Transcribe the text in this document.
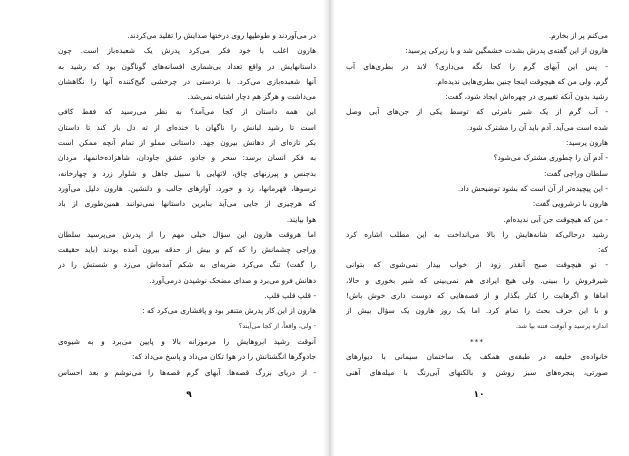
در می‌آوردند و طوطیها روی درختها صدایش را تقلید می‌کردند.
هارون اغلب با خود فکر می‌کرد پدرش یک شعبده‌باز است. چون
داستانهایش در واقع تعداد بی‌شماری افسانه‌های گوناگون بود که رشید به
آنها شعبده‌بازی می‌کرد. با تردستی در چرخشی گیج‌کننده آنها را نگاهشان
می‌داشت و هرگز هم دچار اشتباه نمی‌شد.
این همه داستان از کجا می‌آمد؟ به نظر می‌رسید که فقط کافی
است تا رشید لبانش را ناگهان با خنده‌ای از ته دل باز کند تا داستان
بکر تازه‌ای از دهانش بیرون جهد. داستانی مملو از تمام آنچه ممکن است
به فکر انسان برسد: سحر و جادو، عشق جاودان، شاهزاده‌خانمها، مردان
بدجنس و پیرزنهای چاق، لاتهایی با سبیل جاهل و شلوار زرد و چهارخانه،
ترسوها، قهرمانها، زد و خورد، آوازهای جالب و دلنشین. هارون دلیل می‌آورد
که هرچیزی از جایی می‌آید بنابرین داستانها نمی‌توانند همین‌طوری از باد
هوا بیایند.
اما هروقت هارون این سؤال خیلی مهم را از پدرش می‌پرسید سلطان
وراجی چشمانش را که کم و بیش از حدقه بیرون آمده بودند (باید حقیقت
را گفت) تنگ می‌کرد ضربه‌ای به شکم آمده‌اش می‌زد و شستش را در
دهانش فرو می‌برد و صدای مضحک نوشیدن درمی‌آورد.
- قلپ قلپ قلپ.
هارون از این کار پدرش متنفر بود و پافشاری می‌کرد که :
- ولی، واقعاً، از کجا می‌آیند؟
آنوقت رشید ابروهایش را مرموزانه بالا و پایین می‌برد و به شیوه‌ی
جادوگرها انگشتانش را در هوا تکان می‌داد و پاسخ می‌داد که:
- از دریای بزرگ قصه‌ها. آبهای گرم قصه‌ها را می‌نوشم و بعد احساس
۹
می‌کنم پر از بخارم.
هارون از این گفته‌ی پدرش بشدت خشمگین شد و با زیرکی پرسید:
- پس این آبهای گرم را کجا نگه می‌داری؟ لابد در بطری‌های آب
گرم. ولی من که هیچوقت اینجا چنین بطری‌هایی ندیده‌ام.
رشید بدون آنکه تغییری در چهره‌اش ایجاد شود، گفت:
- آب گرم از یک شیر نامرئی که توسط یکی از جن‌های آبی وصل
شده است می‌آید. آدم باید آن را مشترک شود.
هارون پرسید:
- آدم آن را چطوری مشترک می‌شود؟
سلطان وراجی گفت:
- این پیچیده‌تر از آن است که بشود توضیحش داد.
هارون با ترشرویی گفت:
- من که هیچوقت جن آبی ندیده‌ام.
رشید درحالی‌که شانه‌هایش را بالا می‌انداخت به این مطلب اشاره کرد
که:
- تو هیچوقت صبح آنقدر زود از خواب بیدار نمی‌شوی که بتوانی
شیرفروش را ببینی. ولی هیچ ایرادی هم نمی‌بینی که شیر بخوری و حالا،
اماها و اگرهایت را کنار بگذار و از قصه‌هایی که دوست داری خوش باش!
و با این حرف بحث را تمام کرد. اما یک روز هارون یک سؤال بیش از
اندازه پرسید و آنوقت فتنه بپا شد.
***
خانواده‌ی خلیفه در طبقه‌ی همکف یک ساختمان سیمانی با دیوارهای
صورتی، پنجره‌های سبز روشن و بالکنهای آبی‌رنگ با میله‌های آهنی
۱۰
